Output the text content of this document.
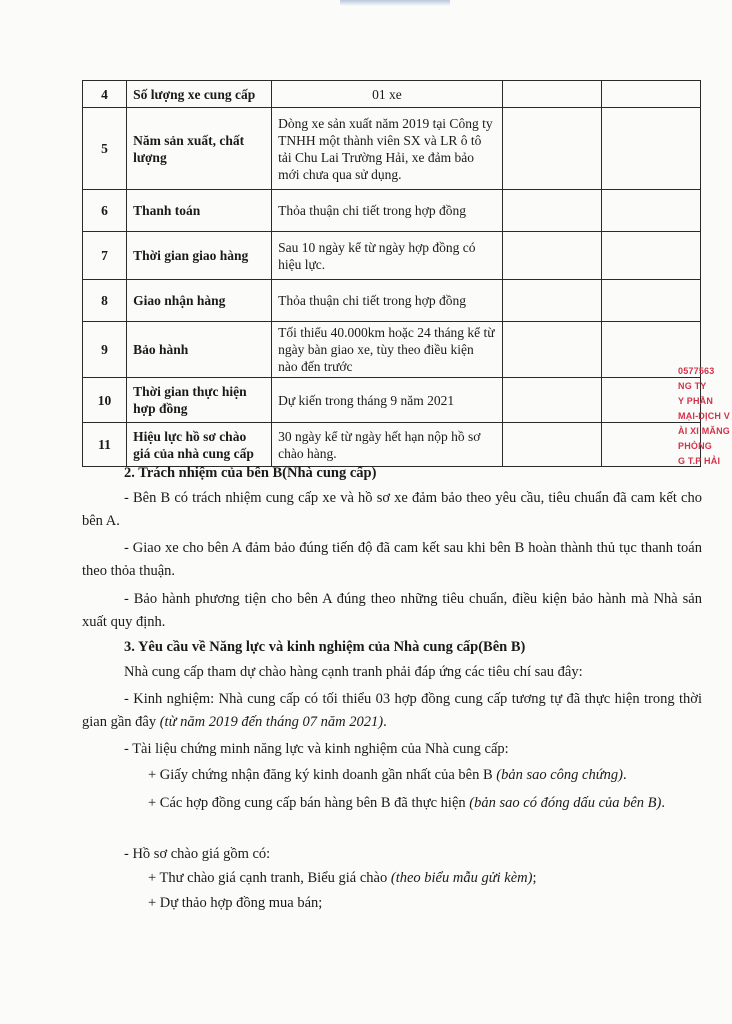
4	Số lượng xe cung cấp	01 xe		
5	Năm sản xuất, chất lượng	Dòng xe sản xuất năm 2019 tại Công ty TNHH một thành viên SX và LR ô tô tải Chu Lai Trường Hải, xe đảm bảo mới chưa qua sử dụng.		
6	Thanh toán	Thỏa thuận chi tiết trong hợp đồng		
7	Thời gian giao hàng	Sau 10 ngày kể từ ngày hợp đồng có hiệu lực.		
8	Giao nhận hàng	Thỏa thuận chi tiết trong hợp đồng		
9	Bảo hành	Tối thiểu 40.000km hoặc 24 tháng kể từ ngày bàn giao xe, tùy theo điều kiện nào đến trước		
10	Thời gian thực hiện hợp đồng	Dự kiến trong tháng 9 năm 2021		
11	Hiệu lực hồ sơ chào giá của nhà cung cấp	30 ngày kể từ ngày hết hạn nộp hồ sơ chào hàng.		

2. Trách nhiệm của bên B(Nhà cung cấp)

- Bên B có trách nhiệm cung cấp xe và hồ sơ xe đảm bảo theo yêu cầu, tiêu chuẩn đã cam kết cho bên A.

- Giao xe cho bên A đảm bảo đúng tiến độ đã cam kết sau khi bên B hoàn thành thủ tục thanh toán theo thỏa thuận.

- Bảo hành phương tiện cho bên A đúng theo những tiêu chuẩn, điều kiện bảo hành mà Nhà sản xuất quy định.

3. Yêu cầu về Năng lực và kinh nghiệm của Nhà cung cấp(Bên B)

Nhà cung cấp tham dự chào hàng cạnh tranh phải đáp ứng các tiêu chí sau đây:

- Kinh nghiệm: Nhà cung cấp có tối thiểu 03 hợp đồng cung cấp tương tự đã thực hiện trong thời gian gần đây (từ năm 2019 đến tháng 07 năm 2021).

- Tài liệu chứng minh năng lực và kinh nghiệm của Nhà cung cấp:

+ Giấy chứng nhận đăng ký kinh doanh gần nhất của bên B (bản sao công chứng).

+ Các hợp đồng cung cấp bán hàng bên B đã thực hiện (bản sao có đóng dấu của bên B).

- Hồ sơ chào giá gồm có:

+ Thư chào giá cạnh tranh, Biểu giá chào (theo biểu mẫu gửi kèm);

+ Dự thảo hợp đồng mua bán;

0577563
NG TY
Y PHẦN
MẠI-DỊCH V
ÀI XI MĂNG
PHÒNG
G T.P HẢI
